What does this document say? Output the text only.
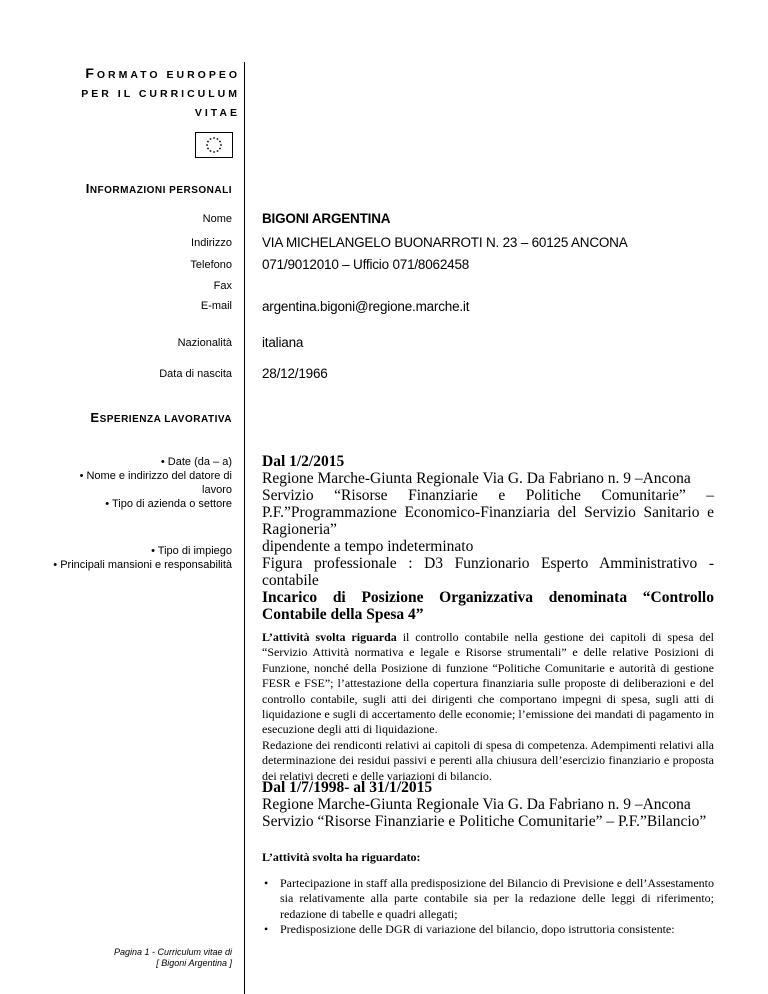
FORMATO EUROPEO
PER IL CURRICULUM
VITAE
INFORMAZIONI PERSONALI
Nome BIGONI ARGENTINA
Indirizzo VIA MICHELANGELO BUONARROTI N. 23 – 60125 ANCONA
Telefono 071/9012010 – Ufficio 071/8062458
Fax
E-mail argentina.bigoni@regione.marche.it
Nazionalità italiana
Data di nascita 28/12/1966
ESPERIENZA LAVORATIVA
• Date (da – a)
• Nome e indirizzo del datore di
lavoro
• Tipo di azienda o settore
• Tipo di impiego
• Principali mansioni e responsabilità
Dal 1/2/2015
Regione Marche-Giunta Regionale Via G. Da Fabriano n. 9 –Ancona
Servizio “Risorse Finanziarie e Politiche Comunitarie” – P.F.”Programmazione Economico-Finanziaria del Servizio Sanitario e Ragioneria”
dipendente a tempo indeterminato
Figura professionale : D3 Funzionario Esperto Amministrativo -contabile
Incarico di Posizione Organizzativa denominata “Controllo Contabile della Spesa 4”
L’attività svolta riguarda il controllo contabile nella gestione dei capitoli di spesa del “Servizio Attività normativa e legale e Risorse strumentali” e delle relative Posizioni di Funzione, nonché della Posizione di funzione “Politiche Comunitarie e autorità di gestione FESR e FSE”; l’attestazione della copertura finanziaria sulle proposte di deliberazioni e del controllo contabile, sugli atti dei dirigenti che comportano impegni di spesa, sugli atti di liquidazione e sugli di accertamento delle economie; l’emissione dei mandati di pagamento in esecuzione degli atti di liquidazione.
Redazione dei rendiconti relativi ai capitoli di spesa di competenza. Adempimenti relativi alla determinazione dei residui passivi e perenti alla chiusura dell’esercizio finanziario e proposta dei relativi decreti e delle variazioni di bilancio.
Dal 1/7/1998- al 31/1/2015
Regione Marche-Giunta Regionale Via G. Da Fabriano n. 9 –Ancona
Servizio “Risorse Finanziarie e Politiche Comunitarie” – P.F.”Bilancio”
L’attività svolta ha riguardato:
• Partecipazione in staff alla predisposizione del Bilancio di Previsione e dell’Assestamento sia relativamente alla parte contabile sia per la redazione delle leggi di riferimento; redazione di tabelle e quadri allegati;
• Predisposizione delle DGR di variazione del bilancio, dopo istruttoria consistente:
Pagina 1 - Curriculum vitae di
[ Bigoni Argentina ]
